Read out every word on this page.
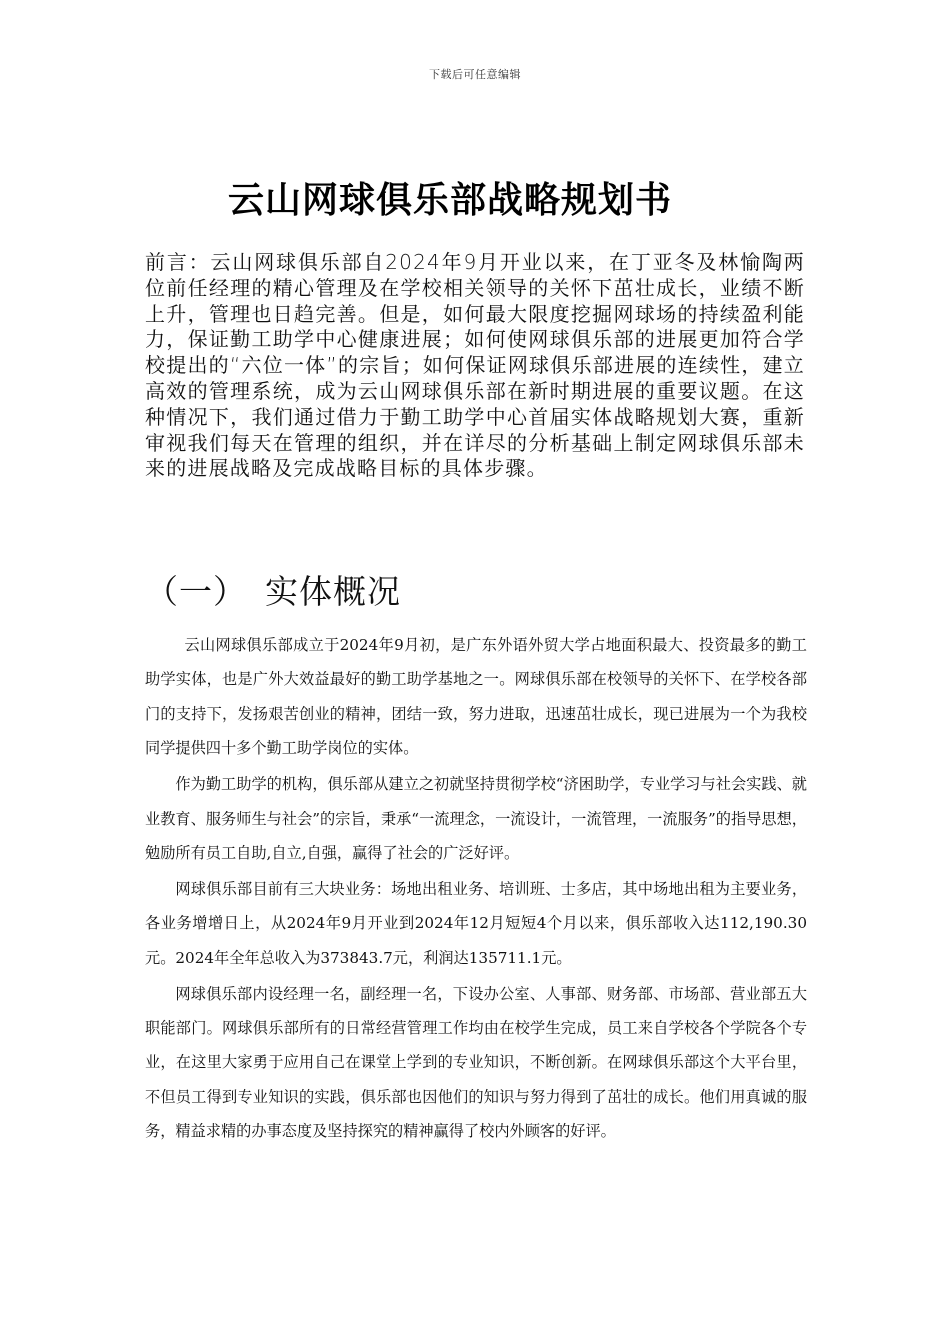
下载后可任意编辑
云山网球俱乐部战略规划书
前言：云山网球俱乐部自2024年9月开业以来，在丁亚冬及林愉陶两位前任经理的精心管理及在学校相关领导的关怀下茁壮成长，业绩不断上升，管理也日趋完善。但是，如何最大限度挖掘网球场的持续盈利能力，保证勤工助学中心健康进展；如何使网球俱乐部的进展更加符合学校提出的“六位一体”的宗旨；如何保证网球俱乐部进展的连续性，建立高效的管理系统，成为云山网球俱乐部在新时期进展的重要议题。在这种情况下，我们通过借力于勤工助学中心首届实体战略规划大赛，重新审视我们每天在管理的组织，并在详尽的分析基础上制定网球俱乐部未来的进展战略及完成战略目标的具体步骤。
（一） 实体概况

云山网球俱乐部成立于2024年9月初，是广东外语外贸大学占地面积最大、投资最多的勤工助学实体，也是广外大效益最好的勤工助学基地之一。网球俱乐部在校领导的关怀下、在学校各部门的支持下，发扬艰苦创业的精神，团结一致，努力进取，迅速茁壮成长，现已进展为一个为我校同学提供四十多个勤工助学岗位的实体。

作为勤工助学的机构，俱乐部从建立之初就坚持贯彻学校“济困助学，专业学习与社会实践、就业教育、服务师生与社会”的宗旨，秉承“一流理念，一流设计，一流管理，一流服务”的指导思想，勉励所有员工自助,自立,自强，赢得了社会的广泛好评。

网球俱乐部目前有三大块业务：场地出租业务、培训班、士多店，其中场地出租为主要业务，各业务增增日上，从2024年9月开业到2024年12月短短4个月以来，俱乐部收入达112,190.30元。2024年全年总收入为373843.7元，利润达135711.1元。

网球俱乐部内设经理一名，副经理一名，下设办公室、人事部、财务部、市场部、营业部五大职能部门。网球俱乐部所有的日常经营管理工作均由在校学生完成，员工来自学校各个学院各个专业，在这里大家勇于应用自己在课堂上学到的专业知识，不断创新。在网球俱乐部这个大平台里，不但员工得到专业知识的实践，俱乐部也因他们的知识与努力得到了茁壮的成长。他们用真诚的服务，精益求精的办事态度及坚持探究的精神赢得了校内外顾客的好评。
